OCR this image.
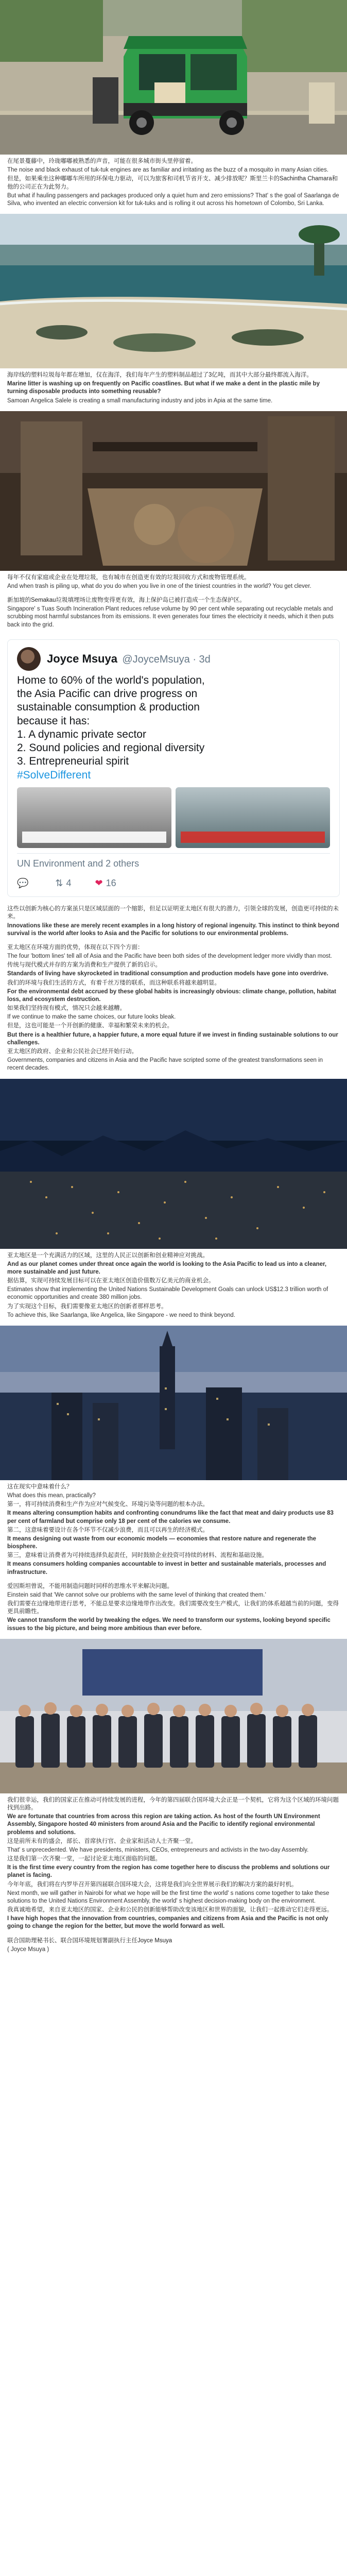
在尾景蔓藤中，玲珑嘟嘟被熟悉的声音，可能在很多城市街头里停留着。

The noise and black exhaust of tuk-tuk engines are as familiar and irritating as the buzz of a mosquito in many Asian cities.

但是，如果乘坐这种嘟嘟车所用的环保电力驱动，可以为旅客和司机节省开支、减少排放呢？斯里兰卡的Sachintha Chamara和他的公司正在为此努力。

But what if hauling passengers and packages produced only a quiet hum and zero emissions? That' s the goal of Saarlanga de Silva, who invented an electric conversion kit for tuk-tuks and is rolling it out across his hometown of Colombo, Sri Lanka.

海岸线的塑料垃圾每年都在增加，仅在海洋，我们每年产生的塑料制品超过了3亿吨，而其中大部分最终都流入海洋。

Marine litter is washing up on frequently on Pacific coastlines. But what if we make a dent in the plastic mile by turning disposable products into something reusable?

Samoan Angelica Salele is creating a small manufacturing industry and jobs in Apia at the same time.

每年不仅有家庭或企业在处理垃圾，也有城市在创造更有效的垃圾回收方式和废物管理系统。

And when trash is piling up, what do you do when you live in one of the tiniest countries in the world? You get clever.

新加坡的Semakau垃圾填埋场让废物变得更有效，海上保护岛已被打造成一个生态保护区。

Singapore' s Tuas South Incineration Plant reduces refuse volume by 90 per cent while separating out recyclable metals and scrubbing most harmful substances from its emissions. It even generates four times the electricity it needs, which it then puts back into the grid.

Joyce Msuya @JoyceMsuya · 3d
Home to 60% of the world's population,
the Asia Pacific can drive progress on
sustainable consumption & production
because it has:
1. A dynamic private sector
2. Sound policies and regional diversity
3. Entrepreneurial spirit
#SolveDifferent
UN Environment and 2 others
💬	⇅ 4	❤ 16

这些以创新为核心的方案虽只是区域层面的一个缩影，但足以证明亚太地区有很大的潜力，引领全球的发展，创造更可持续的未来。

Innovations like these are merely recent examples in a long history of regional ingenuity. This instinct to think beyond survival is the world after looks to Asia and the Pacific for solutions to our environmental problems.

亚太地区在环境方面的优势，体现在以下四个方面：

The four 'bottom lines' tell all of Asia and the Pacific have been both sides of the development ledger more vividly than most.

传统与现代模式并存的方案为消费和生产提供了新的启示。

Standards of living have skyrocketed in traditional consumption and production models have gone into overdrive.

我们的环境与我们生活的方式，有着千丝万缕的联系，而这种联系将越来越明显。

For the environmental debt accrued by these global habits is increasingly obvious: climate change, pollution, habitat loss, and ecosystem destruction.

如果我们坚持现有模式，情况只会越来越糟。

If we continue to make the same choices, our future looks bleak.

但是，这也可能是一个开创新的健康、幸福和繁荣未来的机会。

But there is a healthier future, a happier future, a more equal future if we invest in finding sustainable solutions to our challenges.

亚太地区的政府、企业和公民社会已经开始行动。

Governments, companies and citizens in Asia and the Pacific have scripted some of the greatest transformations seen in recent decades.

亚太地区是一个充满活力的区域，这里的人民正以创新和创业精神应对挑战。

And as our planet comes under threat once again the world is looking to the Asia Pacific to lead us into a cleaner, more sustainable and just future.

据估算，实现可持续发展目标可以在亚太地区创造价值数万亿美元的商业机会。

Estimates show that implementing the United Nations Sustainable Development Goals can unlock US$12.3 trillion worth of economic opportunities and create 380 million jobs.

为了实现这个目标，我们需要像亚太地区的创新者那样思考。

To achieve this, like Saarlanga, like Angelica, like Singapore - we need to think beyond.

这在现实中意味着什么？

What does this mean, practically?

第一，将可持续消费和生产作为应对气候变化、环境污染等问题的根本办法。

It means altering consumption habits and confronting conundrums like the fact that meat and dairy products use 83 per cent of farmland but comprise only 18 per cent of the calories we consume.

第二，这意味着要设计在各个环节不仅减少浪费，而且可以再生的经济模式。

It means designing out waste from our economic models — economies that restore nature and regenerate the biosphere.

第三，意味着让消费者为可持续选择负起责任，同时鼓励企业投资可持续的材料、流程和基础设施。

It means consumers holding companies accountable to invest in better and sustainable materials, processes and infrastructure.

爱因斯坦曾说，不能用制造问题时同样的思维水平来解决问题。

Einstein said that 'We cannot solve our problems with the same level of thinking that created them.'

我们需要在边缘地带进行思考，不能总是要求边缘地带作出改变。我们需要改变生产模式，让我们的体系超越当前的问题，变得更具前瞻性。

We cannot transform the world by tweaking the edges. We need to transform our systems, looking beyond specific issues to the big picture, and being more ambitious than ever before.

我们很幸运，我们的国家正在推动可持续发展的进程，今年的第四届联合国环境大会正是一个契机，它将为这个区域的环境问题找到出路。

We are fortunate that countries from across this region are taking action. As host of the fourth UN Environment Assembly, Singapore hosted 40 ministers from around Asia and the Pacific to identify regional environmental problems and solutions.

这是前所未有的盛会，部长、首席执行官、企业家和活动人士齐聚一堂。

That' s unprecedented. We have presidents, ministers, CEOs, entrepreneurs and activists in the two-day Assembly.

这是我们第一次齐聚一堂，一起讨论亚太地区面临的问题。

It is the first time every country from the region has come together here to discuss the problems and solutions our planet is facing.

今年年底，我们将在内罗毕召开第四届联合国环境大会，这将是我们向全世界展示我们的解决方案的最好时机。

Next month, we will gather in Nairobi for what we hope will be the first time the world' s nations come together to take these solutions to the United Nations Environment Assembly, the world' s highest decision-making body on the environment.

我真诚地希望，来自亚太地区的国家、企业和公民的创新能够帮助改变该地区和世界的面貌，让我们一起推动它们走得更远。

I have high hopes that the innovation from countries, companies and citizens from Asia and the Pacific is not only going to change the region for the better, but move the world forward as well.

联合国助理秘书长、联合国环境规划署副执行主任Joyce Msuya

( Joyce Msuya )
